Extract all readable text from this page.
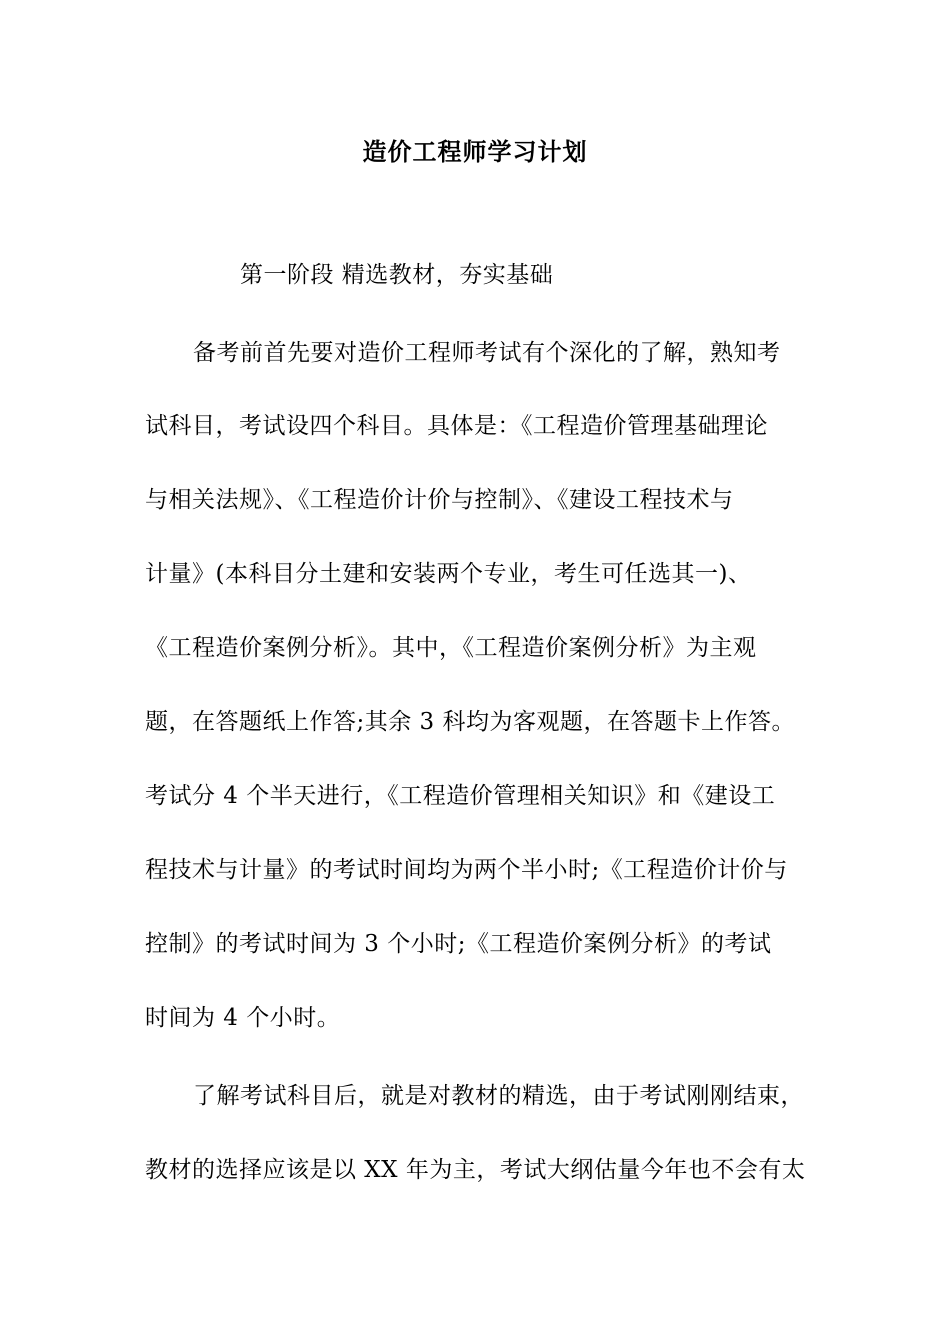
造价工程师学习计划
第一阶段 精选教材，夯实基础
备考前首先要对造价工程师考试有个深化的了解，熟知考
试科目，考试设四个科目。具体是：《工程造价管理基础理论
与相关法规》、《工程造价计价与控制》、《建设工程技术与
计量》(本科目分土建和安装两个专业，考生可任选其一)、
《工程造价案例分析》。其中，《工程造价案例分析》为主观
题，在答题纸上作答;其余 3 科均为客观题，在答题卡上作答。
考试分 4 个半天进行，《工程造价管理相关知识》和《建设工
程技术与计量》的考试时间均为两个半小时;《工程造价计价与
控制》的考试时间为 3 个小时;《工程造价案例分析》的考试
时间为 4 个小时。
了解考试科目后，就是对教材的精选，由于考试刚刚结束，
教材的选择应该是以 XX 年为主，考试大纲估量今年也不会有太
